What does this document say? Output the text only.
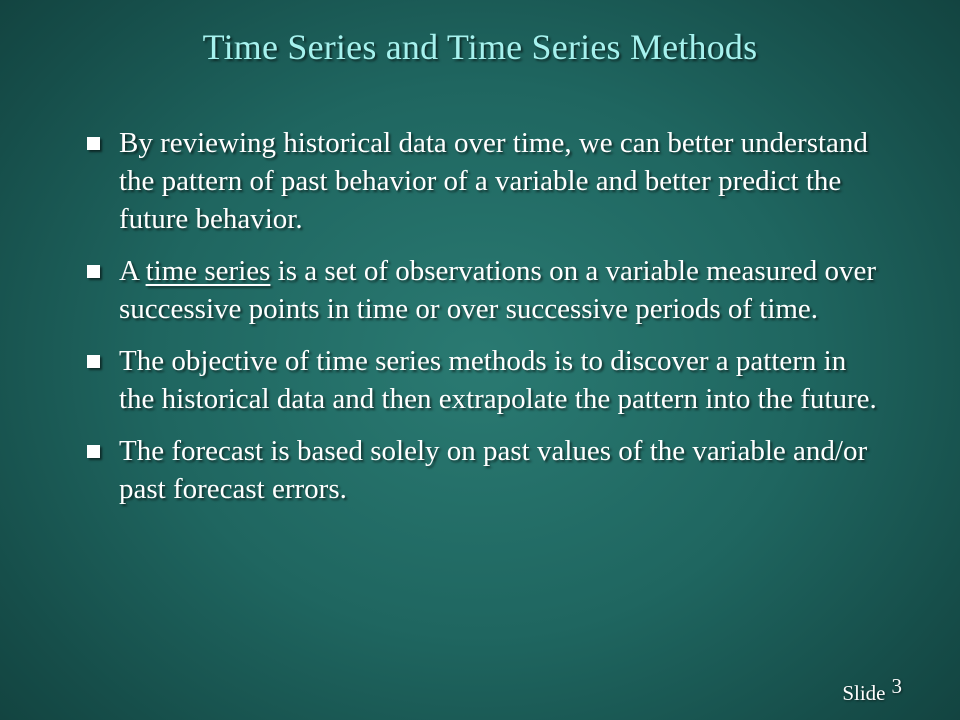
Time Series and Time Series Methods
By reviewing historical data over time, we can better understand the pattern of past behavior of a variable and better predict the future behavior.
A time series is a set of observations on a variable measured over successive points in time or over successive periods of time.
The objective of time series methods is to discover a pattern in the historical data and then extrapolate the pattern into the future.
The forecast is based solely on past values of the variable and/or past forecast errors.
Slide 3
